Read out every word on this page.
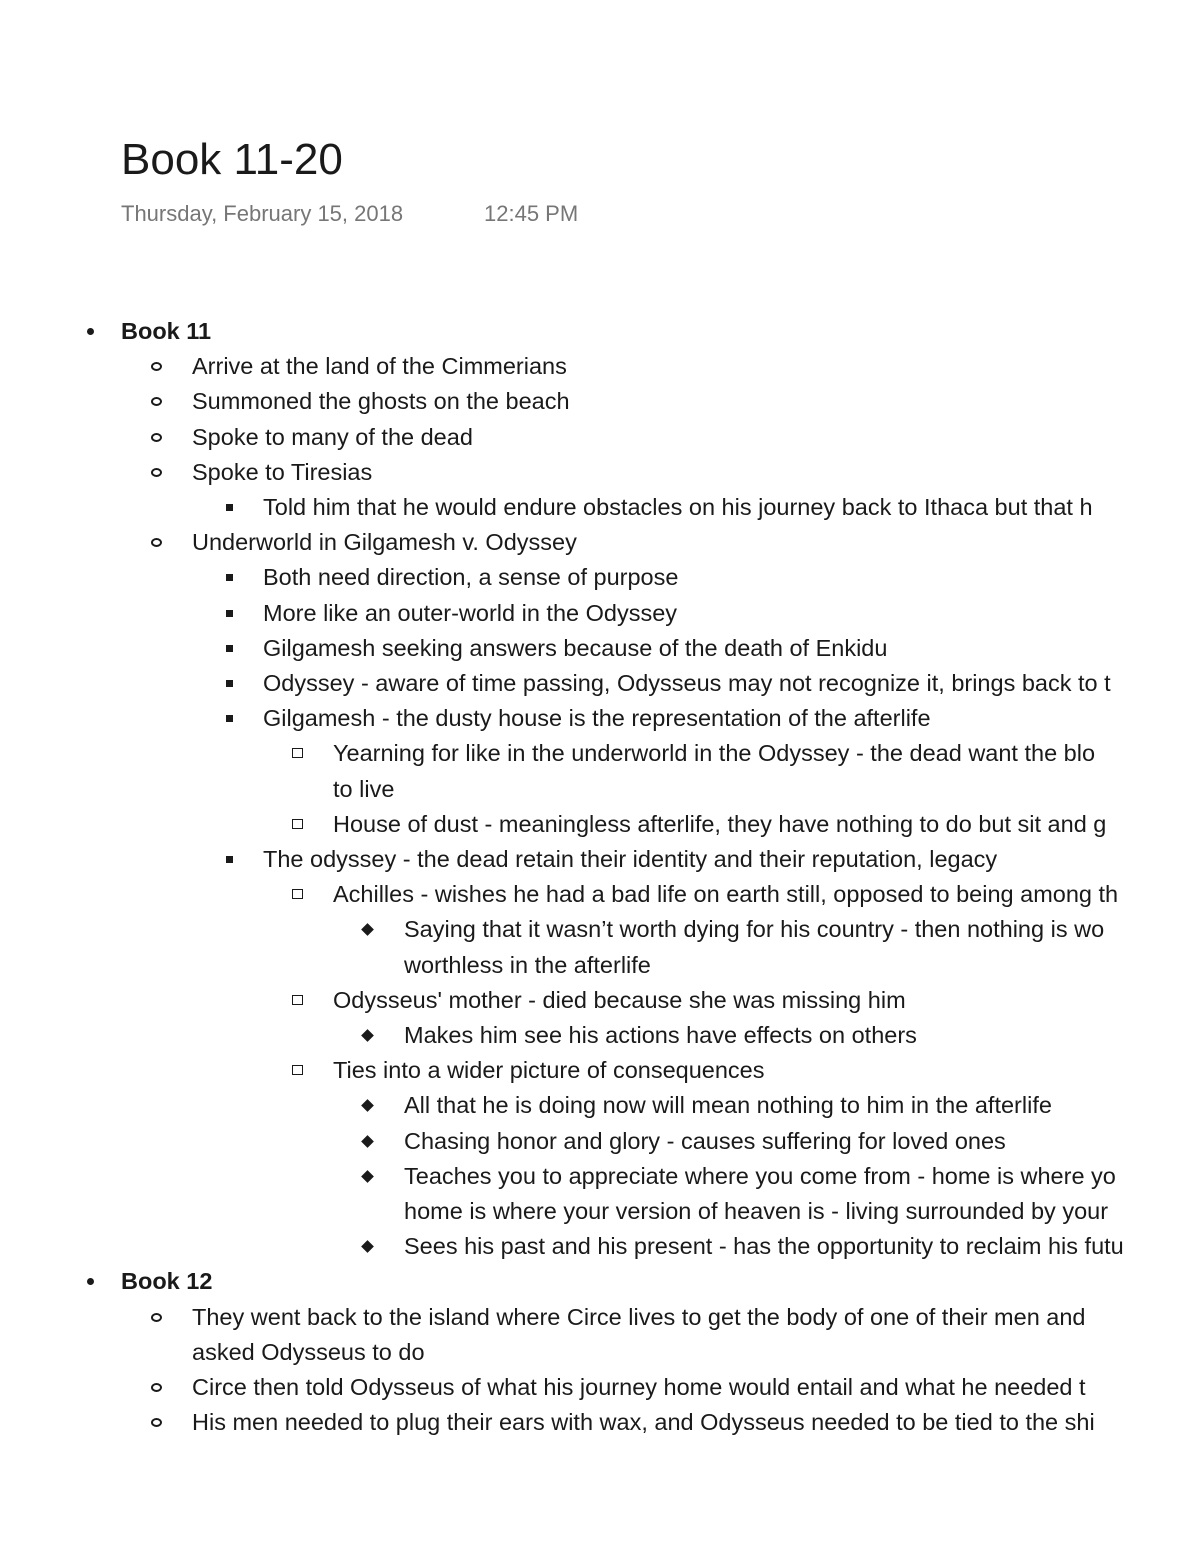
Book 11-20
Thursday, February 15, 2018	12:45 PM
Book 11
Arrive at the land of the Cimmerians
Summoned the ghosts on the beach
Spoke to many of the dead
Spoke to Tiresias
Told him that he would endure obstacles on his journey back to Ithaca but that h
Underworld in Gilgamesh v. Odyssey
Both need direction, a sense of purpose
More like an outer-world in the Odyssey
Gilgamesh seeking answers because of the death of Enkidu
Odyssey - aware of time passing, Odysseus may not recognize it, brings back to t
Gilgamesh - the dusty house is the representation of the afterlife
Yearning for like in the underworld in the Odyssey - the dead want the blo
to live
House of dust - meaningless afterlife, they have nothing to do but sit and g
The odyssey - the dead retain their identity and their reputation, legacy
Achilles - wishes he had a bad life on earth still, opposed to being among th
Saying that it wasn’t worth dying for his country - then nothing is wo
worthless in the afterlife
Odysseus' mother - died because she was missing him
Makes him see his actions have effects on others
Ties into a wider picture of consequences
All that he is doing now will mean nothing to him in the afterlife
Chasing honor and glory - causes suffering for loved ones
Teaches you to appreciate where you come from - home is where yo
home is where your version of heaven is - living surrounded by your
Sees his past and his present - has the opportunity to reclaim his futu
Book 12
They went back to the island where Circe lives to get the body of one of their men and
asked Odysseus to do
Circe then told Odysseus of what his journey home would entail and what he needed t
His men needed to plug their ears with wax, and Odysseus needed to be tied to the shi
